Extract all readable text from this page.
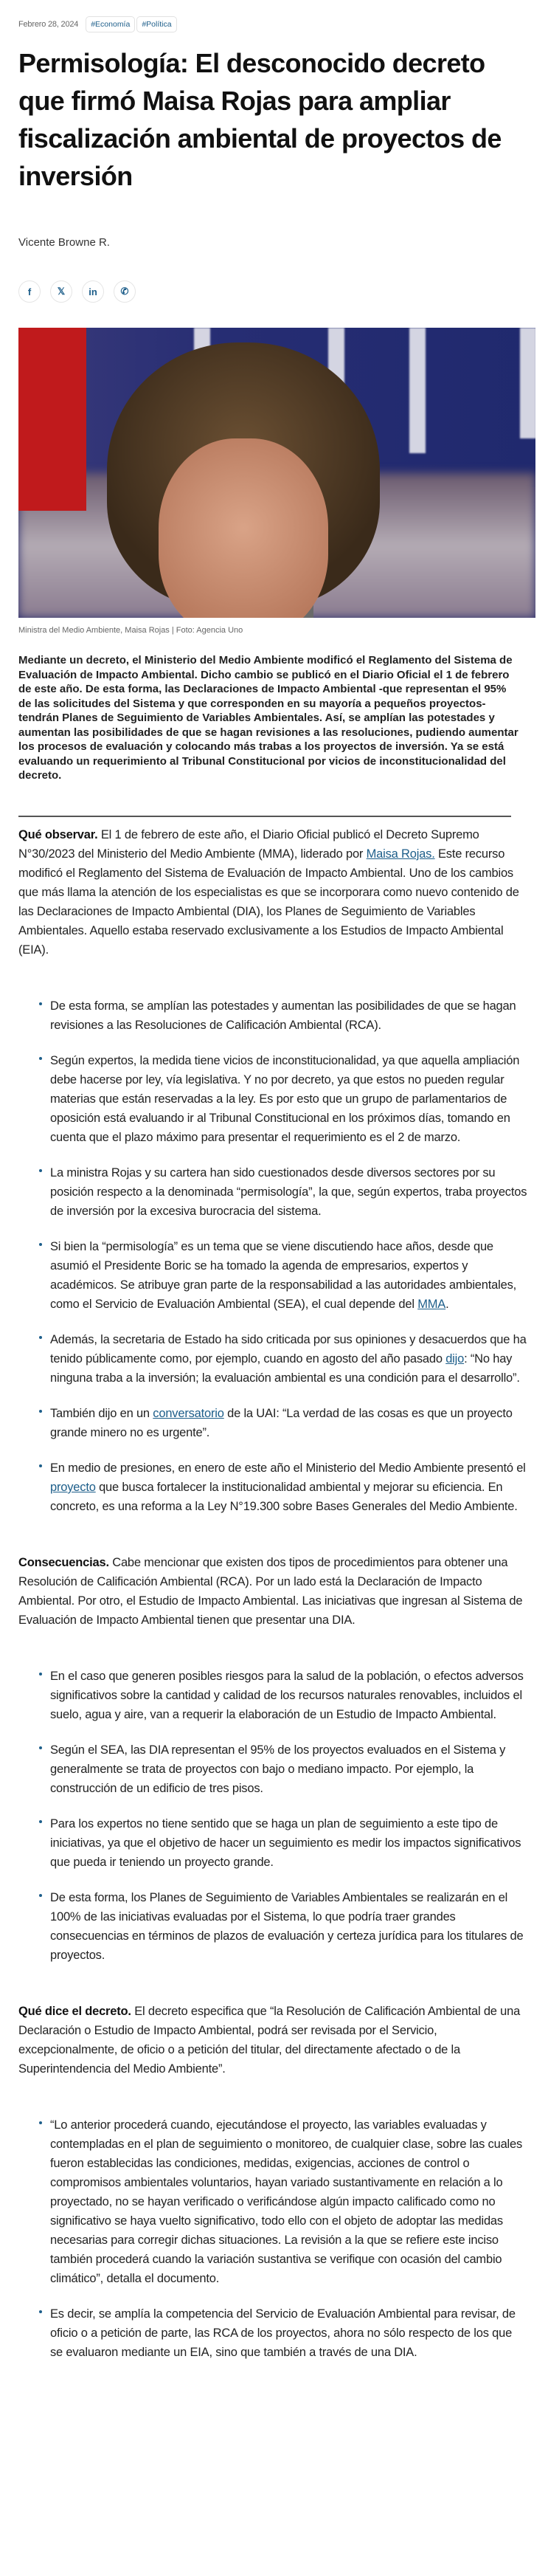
Febrero 28, 2024	#Economía	#Política
Permisología: El desconocido decreto que firmó Maisa Rojas para ampliar fiscalización ambiental de proyectos de inversión
Vicente Browne R.
f	𝕏 in ✆
Ministra del Medio Ambiente, Maisa Rojas | Foto: Agencia Uno
Mediante un decreto, el Ministerio del Medio Ambiente modificó el Reglamento del Sistema de Evaluación de Impacto Ambiental. Dicho cambio se publicó en el Diario Oficial el 1 de febrero de este año. De esta forma, las Declaraciones de Impacto Ambiental -que representan el 95% de las solicitudes del Sistema y que corresponden en su mayoría a pequeños proyectos- tendrán Planes de Seguimiento de Variables Ambientales. Así, se amplían las potestades y aumentan las posibilidades de que se hagan revisiones a las resoluciones, pudiendo aumentar los procesos de evaluación y colocando más trabas a los proyectos de inversión. Ya se está evaluando un requerimiento al Tribunal Constitucional por vicios de inconstitucionalidad del decreto.

Qué observar. El 1 de febrero de este año, el Diario Oficial publicó el Decreto Supremo N°30/2023 del Ministerio del Medio Ambiente (MMA), liderado por Maisa Rojas. Este recurso modificó el Reglamento del Sistema de Evaluación de Impacto Ambiental. Uno de los cambios que más llama la atención de los especialistas es que se incorporara como nuevo contenido de las Declaraciones de Impacto Ambiental (DIA), los Planes de Seguimiento de Variables Ambientales. Aquello estaba reservado exclusivamente a los Estudios de Impacto Ambiental (EIA).

De esta forma, se amplían las potestades y aumentan las posibilidades de que se hagan revisiones a las Resoluciones de Calificación Ambiental (RCA).
Según expertos, la medida tiene vicios de inconstitucionalidad, ya que aquella ampliación debe hacerse por ley, vía legislativa. Y no por decreto, ya que estos no pueden regular materias que están reservadas a la ley. Es por esto que un grupo de parlamentarios de oposición está evaluando ir al Tribunal Constitucional en los próximos días, tomando en cuenta que el plazo máximo para presentar el requerimiento es el 2 de marzo.
La ministra Rojas y su cartera han sido cuestionados desde diversos sectores por su posición respecto a la denominada “permisología”, la que, según expertos, traba proyectos de inversión por la excesiva burocracia del sistema.
Si bien la “permisología” es un tema que se viene discutiendo hace años, desde que asumió el Presidente Boric se ha tomado la agenda de empresarios, expertos y académicos. Se atribuye gran parte de la responsabilidad a las autoridades ambientales, como el Servicio de Evaluación Ambiental (SEA), el cual depende del MMA.
Además, la secretaria de Estado ha sido criticada por sus opiniones y desacuerdos que ha tenido públicamente como, por ejemplo, cuando en agosto del año pasado dijo: “No hay ninguna traba a la inversión; la evaluación ambiental es una condición para el desarrollo”.
También dijo en un conversatorio de la UAI: “La verdad de las cosas es que un proyecto grande minero no es urgente”.
En medio de presiones, en enero de este año el Ministerio del Medio Ambiente presentó el proyecto que busca fortalecer la institucionalidad ambiental y mejorar su eficiencia. En concreto, es una reforma a la Ley N°19.300 sobre Bases Generales del Medio Ambiente.

Consecuencias. Cabe mencionar que existen dos tipos de procedimientos para obtener una Resolución de Calificación Ambiental (RCA). Por un lado está la Declaración de Impacto Ambiental. Por otro, el Estudio de Impacto Ambiental. Las iniciativas que ingresan al Sistema de Evaluación de Impacto Ambiental tienen que presentar una DIA.

En el caso que generen posibles riesgos para la salud de la población, o efectos adversos significativos sobre la cantidad y calidad de los recursos naturales renovables, incluidos el suelo, agua y aire, van a requerir la elaboración de un Estudio de Impacto Ambiental.
Según el SEA, las DIA representan el 95% de los proyectos evaluados en el Sistema y generalmente se trata de proyectos con bajo o mediano impacto. Por ejemplo, la construcción de un edificio de tres pisos.
Para los expertos no tiene sentido que se haga un plan de seguimiento a este tipo de iniciativas, ya que el objetivo de hacer un seguimiento es medir los impactos significativos que pueda ir teniendo un proyecto grande.
De esta forma, los Planes de Seguimiento de Variables Ambientales se realizarán en el 100% de las iniciativas evaluadas por el Sistema, lo que podría traer grandes consecuencias en términos de plazos de evaluación y certeza jurídica para los titulares de proyectos.

Qué dice el decreto. El decreto especifica que “la Resolución de Calificación Ambiental de una Declaración o Estudio de Impacto Ambiental, podrá ser revisada por el Servicio, excepcionalmente, de oficio o a petición del titular, del directamente afectado o de la Superintendencia del Medio Ambiente”.

“Lo anterior procederá cuando, ejecutándose el proyecto, las variables evaluadas y contempladas en el plan de seguimiento o monitoreo, de cualquier clase, sobre las cuales fueron establecidas las condiciones, medidas, exigencias, acciones de control o compromisos ambientales voluntarios, hayan variado sustantivamente en relación a lo proyectado, no se hayan verificado o verificándose algún impacto calificado como no significativo se haya vuelto significativo, todo ello con el objeto de adoptar las medidas necesarias para corregir dichas situaciones. La revisión a la que se refiere este inciso también procederá cuando la variación sustantiva se verifique con ocasión del cambio climático”, detalla el documento.
Es decir, se amplía la competencia del Servicio de Evaluación Ambiental para revisar, de oficio o a petición de parte, las RCA de los proyectos, ahora no sólo respecto de los que se evaluaron mediante un EIA, sino que también a través de una DIA.
